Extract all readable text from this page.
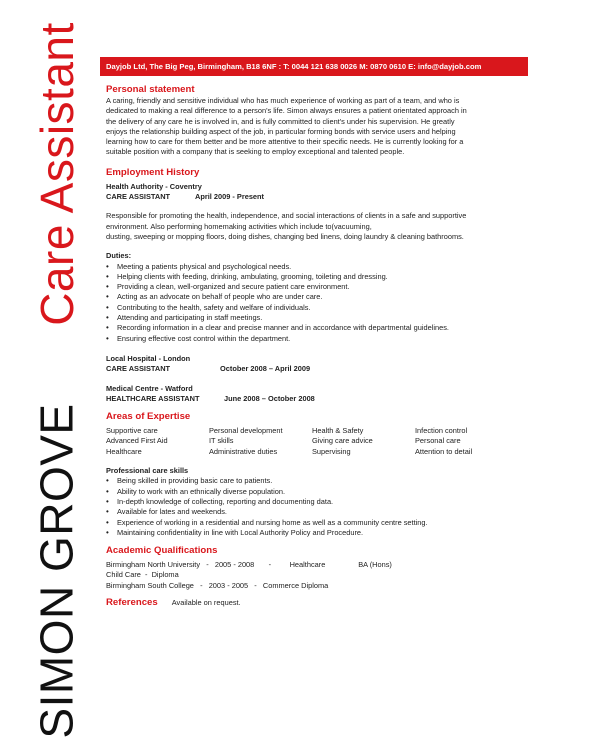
Care Assistant
SIMON GROVE
Dayjob Ltd, The Big Peg, Birmingham, B18 6NF : T: 0044 121 638 0026 M: 0870 0610 E: info@dayjob.com
Personal statement

A caring, friendly and sensitive individual who has much experience of working as part of a team, and who is

dedicated to making a real difference to a person's life. Simon always ensures a patient orientated approach in

the delivery of any care he is involved in, and is fully committed to client's under his supervision. He greatly

enjoys the relationship building aspect of the job, in particular forming bonds with service users and helping

learning how to care for them better and be more attentive to their specific needs. He is currently looking for a

suitable position with a company that is seeking to employ exceptional and talented people.

Employment History

Health Authority - Coventry

CARE ASSISTANT	April 2009 - Present

Responsible for promoting the health, independence, and social interactions of clients in a safe and supportive

environment. Also performing homemaking activities which include to(vacuuming,

dusting, sweeping or mopping floors, doing dishes, changing bed linens, doing laundry & cleaning bathrooms.

Duties:

• Meeting a patients physical and psychological needs.
• Helping clients with feeding, drinking, ambulating, grooming, toileting and dressing.
• Providing a clean, well-organized and secure patient care environment.
• Acting as an advocate on behalf of people who are under care.
• Contributing to the health, safety and welfare of individuals.
• Attending and participating in staff meetings.
• Recording information in a clear and precise manner and in accordance with departmental guidelines.
• Ensuring effective cost control within the department.

Local Hospital - London

CARE ASSISTANT	October 2008 – April 2009

Medical Centre - Watford

HEALTHCARE ASSISTANT	June 2008 – October 2008

Areas of Expertise
Supportive care	Personal development	Health & Safety	Infection control
Advanced First Aid	IT skills	Giving care advice	Personal care
Healthcare	Administrative duties	Supervising	Attention to detail

Professional care skills

• Being skilled in providing basic care to patients.
• Ability to work with an ethnically diverse population.
• In-depth knowledge of collecting, reporting and documenting data.
• Available for lates and weekends.
• Experience of working in a residential and nursing home as well as a community centre setting.
• Maintaining confidentiality in line with Local Authority Policy and Procedure.
Academic Qualifications

Birmingham North University   -   2005 - 2008       -         Healthcare                BA (Hons)

Child Care  -  Diploma

Birmingham South College   -   2003 - 2005   -   Commerce Diploma

References Available on request.
